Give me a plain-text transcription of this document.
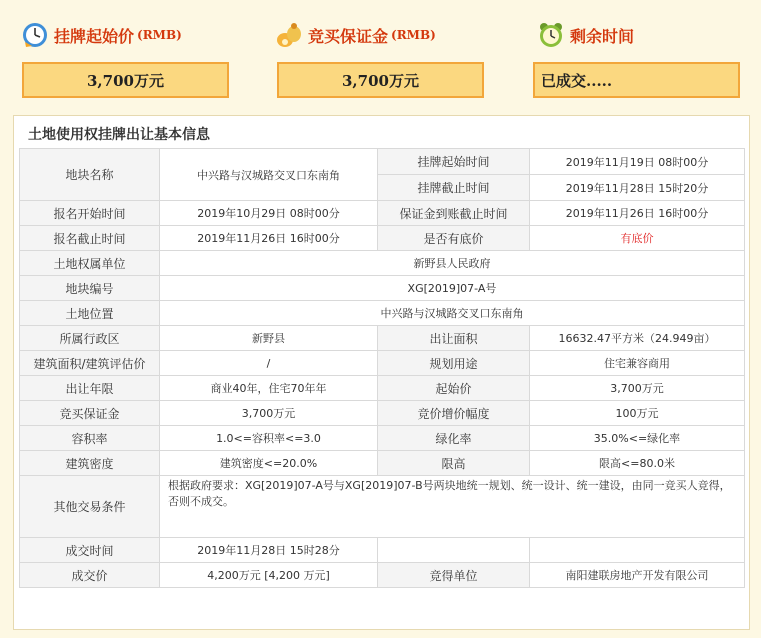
挂牌起始价 (RMB)	竞买保证金 (RMB)	剩余时间
3,700万元	3,700万元	已成交.....
土地使用权挂牌出让基本信息
地块名称	中兴路与汉城路交叉口东南角	挂牌起始时间	2019年11月19日 08时00分
		挂牌截止时间	2019年11月28日 15时20分
报名开始时间	2019年10月29日 08时00分	保证金到账截止时间	2019年11月26日 16时00分
报名截止时间	2019年11月26日 16时00分	是否有底价	有底价
土地权属单位	新野县人民政府		
地块编号	XG[2019]07-A号		
土地位置	中兴路与汉城路交叉口东南角		
所属行政区	新野县	出让面积	16632.47平方米（24.949亩）
建筑面积/建筑评估价	/	规划用途	住宅兼容商用
出让年限	商业40年，住宅70年年	起始价	3,700万元
竞买保证金	3,700万元	竞价增价幅度	100万元
容积率	1.0<=容积率<=3.0	绿化率	35.0%<=绿化率
建筑密度	建筑密度<=20.0%	限高	限高<=80.0米
其他交易条件	根据政府要求：XG[2019]07-A号与XG[2019]07-B号两块地统一规划、统一设计、统一建设，由同一竞买人竞得，否则不成交。		
成交时间	2019年11月28日 15时28分		
成交价	4,200万元 [4,200 万元]	竞得单位	南阳建联房地产开发有限公司
